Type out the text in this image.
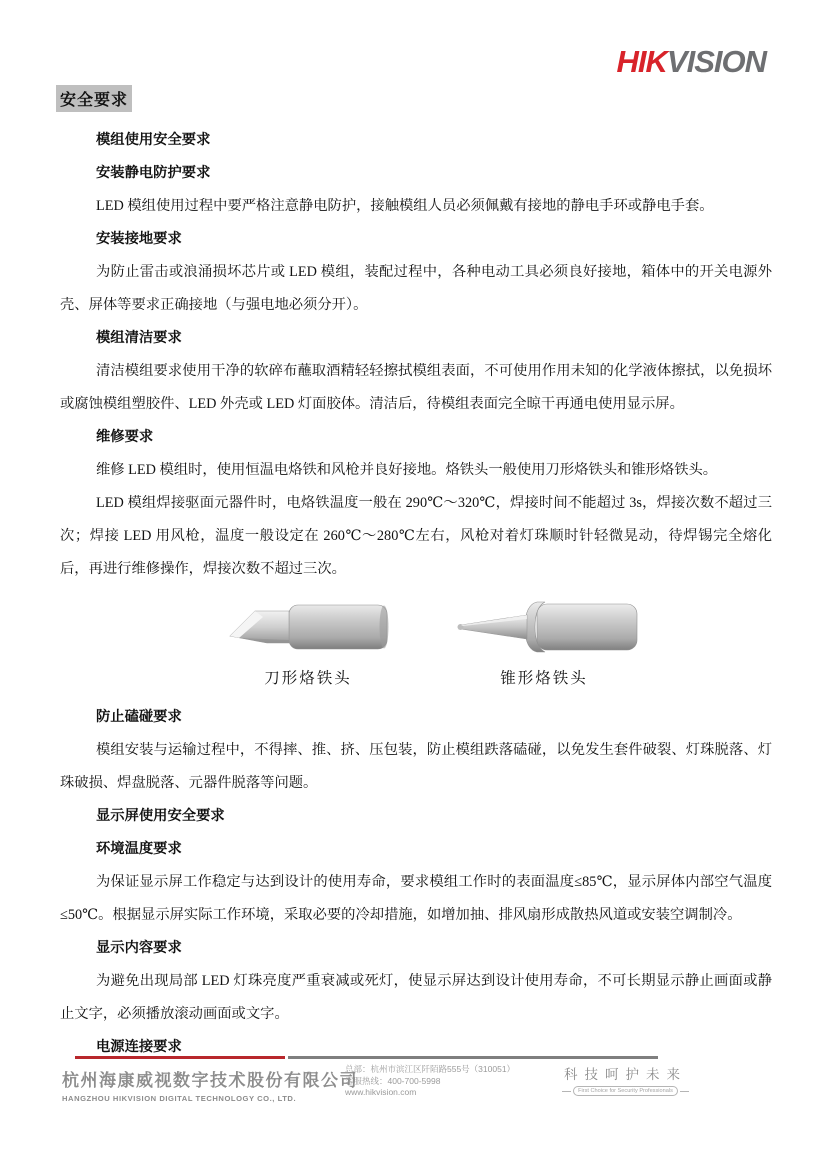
HIKVISION
安全要求

模组使用安全要求

安装静电防护要求

LED 模组使用过程中要严格注意静电防护，接触模组人员必须佩戴有接地的静电手环或静电手套。

安装接地要求

为防止雷击或浪涌损坏芯片或 LED 模组，装配过程中，各种电动工具必须良好接地，箱体中的开关电源外壳、屏体等要求正确接地（与强电地必须分开）。

模组清洁要求

清洁模组要求使用干净的软碎布蘸取酒精轻轻擦拭模组表面，不可使用作用未知的化学液体擦拭，以免损坏或腐蚀模组塑胶件、LED 外壳或 LED 灯面胶体。清洁后，待模组表面完全晾干再通电使用显示屏。

维修要求

维修 LED 模组时，使用恒温电烙铁和风枪并良好接地。烙铁头一般使用刀形烙铁头和锥形烙铁头。

LED 模组焊接驱面元器件时，电烙铁温度一般在 290℃～320℃，焊接时间不能超过 3s，焊接次数不超过三次；焊接 LED 用风枪，温度一般设定在 260℃～280℃左右，风枪对着灯珠顺时针轻微晃动，待焊锡完全熔化后，再进行维修操作，焊接次数不超过三次。

刀形烙铁头	锥形烙铁头

防止磕碰要求

模组安装与运输过程中，不得摔、推、挤、压包装，防止模组跌落磕碰，以免发生套件破裂、灯珠脱落、灯珠破损、焊盘脱落、元器件脱落等问题。

显示屏使用安全要求

环境温度要求

为保证显示屏工作稳定与达到设计的使用寿命，要求模组工作时的表面温度≤85℃，显示屏体内部空气温度≤50℃。根据显示屏实际工作环境，采取必要的冷却措施，如增加抽、排风扇形成散热风道或安装空调制冷。

显示内容要求

为避免出现局部 LED 灯珠亮度严重衰减或死灯，使显示屏达到设计使用寿命，不可长期显示静止画面或静止文字，必须播放滚动画面或文字。

电源连接要求

杭州海康威视数字技术股份有限公司
HANGZHOU HIKVISION DIGITAL TECHNOLOGY CO., LTD.
总部：杭州市滨江区阡陌路555号（310051）
客服热线：400-700-5998
www.hikvision.com
科技呵护未来
First Choice for Security Professionals
